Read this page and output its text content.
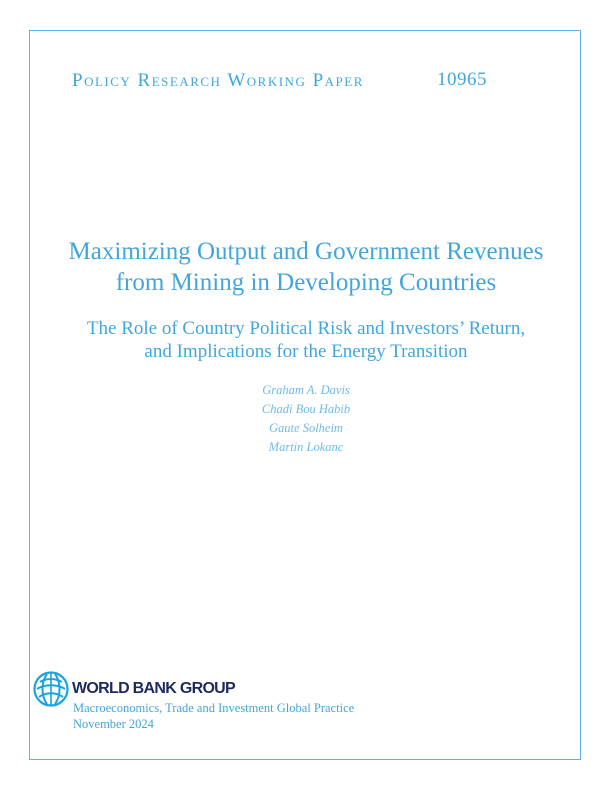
Policy Research Working Paper	10965
Maximizing Output and Government Revenues
from Mining in Developing Countries
The Role of Country Political Risk and Investors’ Return,
and Implications for the Energy Transition
Graham A. Davis
Chadi Bou Habib
Gaute Solheim
Martin Lokanc
WORLD BANK GROUP
Macroeconomics, Trade and Investment Global Practice
November 2024
